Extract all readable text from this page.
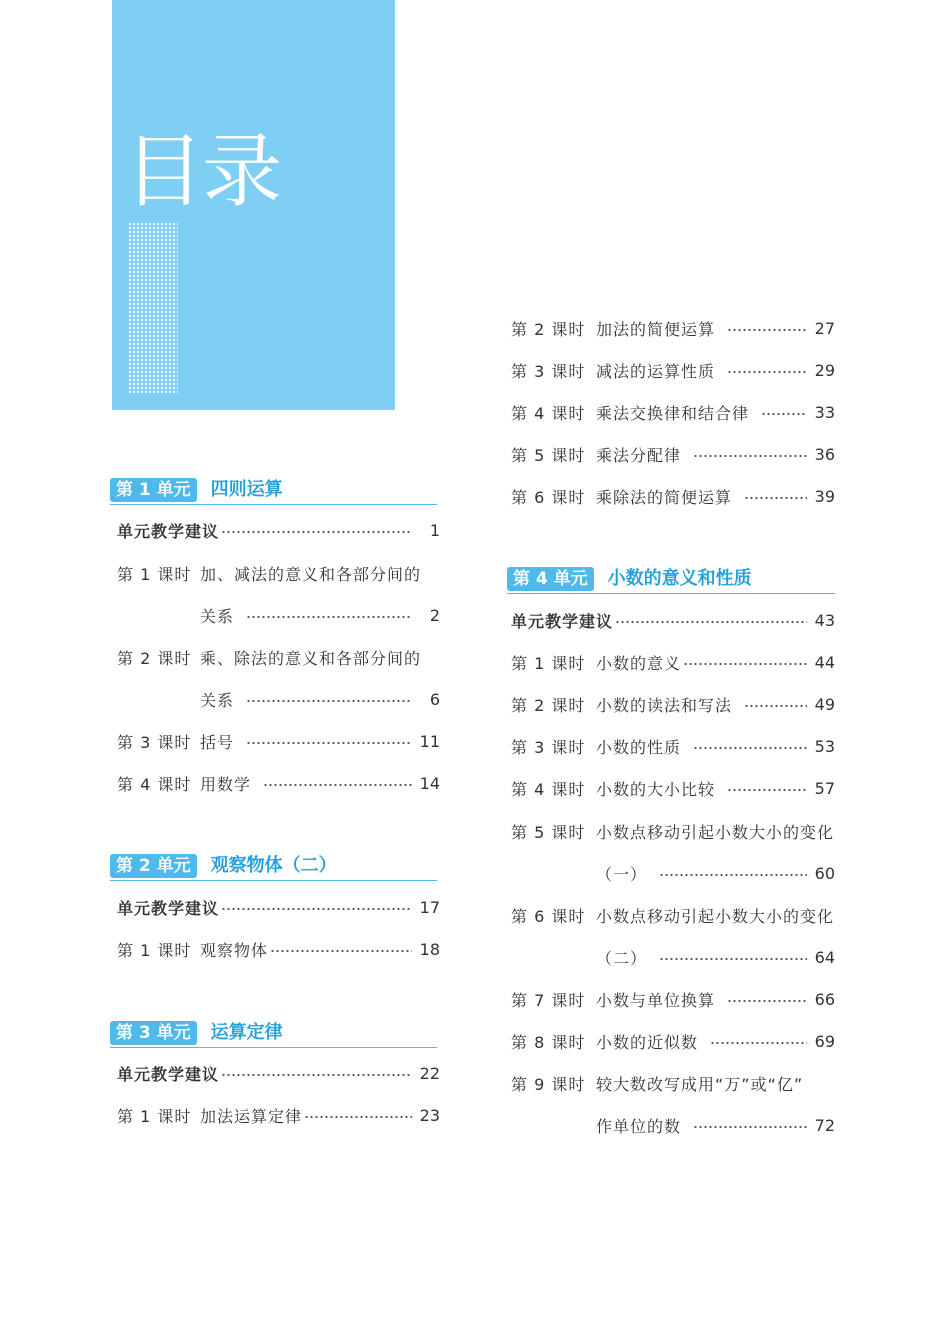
目录
第 1 单元	四则运算
单元教学建议	1
第 1 课时 加、减法的意义和各部分间的
关系	2
第 2 课时 乘、除法的意义和各部分间的
关系	6
第 3 课时 括号	11
第 4 课时 用数学	14
第 2 单元	观察物体（二）
单元教学建议	17
第 1 课时 观察物体	18
第 3 单元	运算定律
单元教学建议	22
第 1 课时 加法运算定律	23
第 2 课时 加法的简便运算	27
第 3 课时 减法的运算性质	29
第 4 课时 乘法交换律和结合律	33
第 5 课时 乘法分配律	36
第 6 课时 乘除法的简便运算	39
第 4 单元	小数的意义和性质
单元教学建议	43
第 1 课时 小数的意义	44
第 2 课时 小数的读法和写法	49
第 3 课时 小数的性质	53
第 4 课时 小数的大小比较	57
第 5 课时 小数点移动引起小数大小的变化
（一）	60
第 6 课时 小数点移动引起小数大小的变化
（二）	64
第 7 课时 小数与单位换算	66
第 8 课时 小数的近似数	69
第 9 课时 较大数改写成用“万”或“亿”
作单位的数	72
